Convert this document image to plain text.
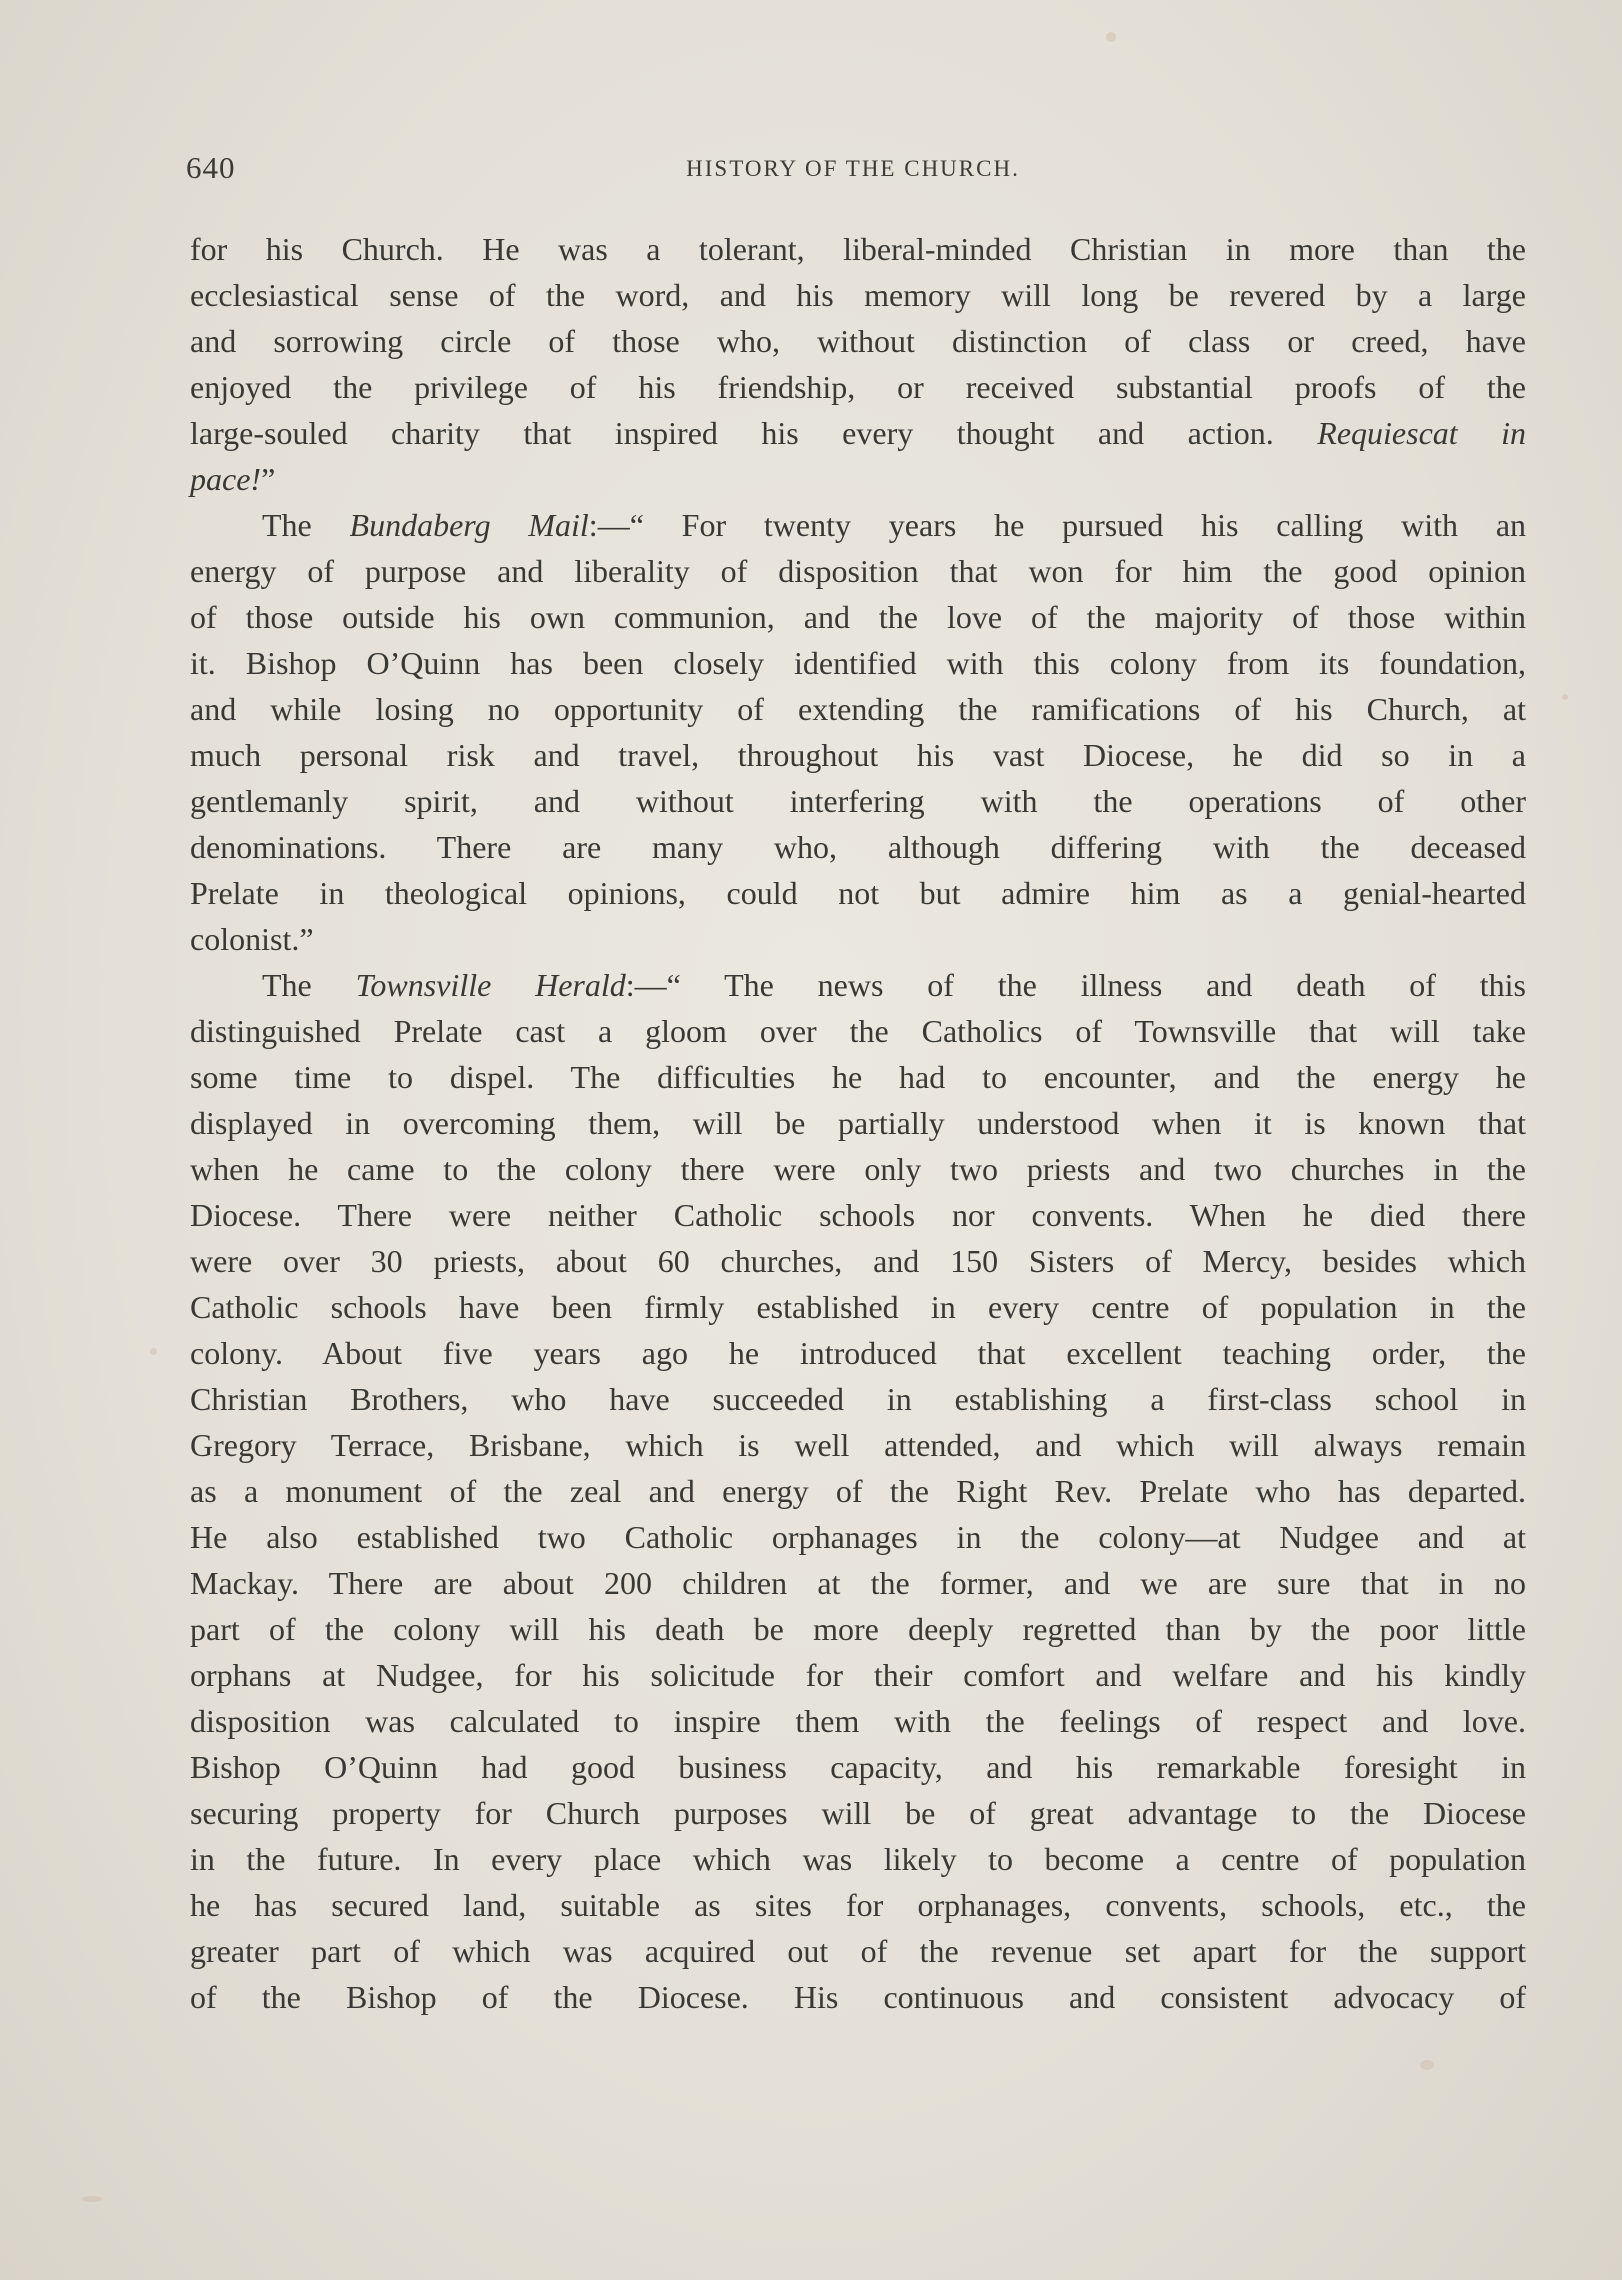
640	HISTORY OF THE CHURCH.
for his Church. He was a tolerant, liberal-minded Christian in more than the
ecclesiastical sense of the word, and his memory will long be revered by a large
and sorrowing circle of those who, without distinction of class or creed, have
enjoyed the privilege of his friendship, or received substantial proofs of the
large-souled charity that inspired his every thought and action. Requiescat in
pace!”
The Bundaberg Mail:—“ For twenty years he pursued his calling with an
energy of purpose and liberality of disposition that won for him the good opinion
of those outside his own communion, and the love of the majority of those within
it. Bishop O’Quinn has been closely identified with this colony from its foundation,
and while losing no opportunity of extending the ramifications of his Church, at
much personal risk and travel, throughout his vast Diocese, he did so in a
gentlemanly spirit, and without interfering with the operations of other
denominations. There are many who, although differing with the deceased
Prelate in theological opinions, could not but admire him as a genial-hearted
colonist.”
The Townsville Herald:—“ The news of the illness and death of this
distinguished Prelate cast a gloom over the Catholics of Townsville that will take
some time to dispel. The difficulties he had to encounter, and the energy he
displayed in overcoming them, will be partially understood when it is known that
when he came to the colony there were only two priests and two churches in the
Diocese. There were neither Catholic schools nor convents. When he died there
were over 30 priests, about 60 churches, and 150 Sisters of Mercy, besides which
Catholic schools have been firmly established in every centre of population in the
colony. About five years ago he introduced that excellent teaching order, the
Christian Brothers, who have succeeded in establishing a first-class school in
Gregory Terrace, Brisbane, which is well attended, and which will always remain
as a monument of the zeal and energy of the Right Rev. Prelate who has departed.
He also established two Catholic orphanages in the colony—at Nudgee and at
Mackay. There are about 200 children at the former, and we are sure that in no
part of the colony will his death be more deeply regretted than by the poor little
orphans at Nudgee, for his solicitude for their comfort and welfare and his kindly
disposition was calculated to inspire them with the feelings of respect and love.
Bishop O’Quinn had good business capacity, and his remarkable foresight in
securing property for Church purposes will be of great advantage to the Diocese
in the future. In every place which was likely to become a centre of population
he has secured land, suitable as sites for orphanages, convents, schools, etc., the
greater part of which was acquired out of the revenue set apart for the support
of the Bishop of the Diocese. His continuous and consistent advocacy of
